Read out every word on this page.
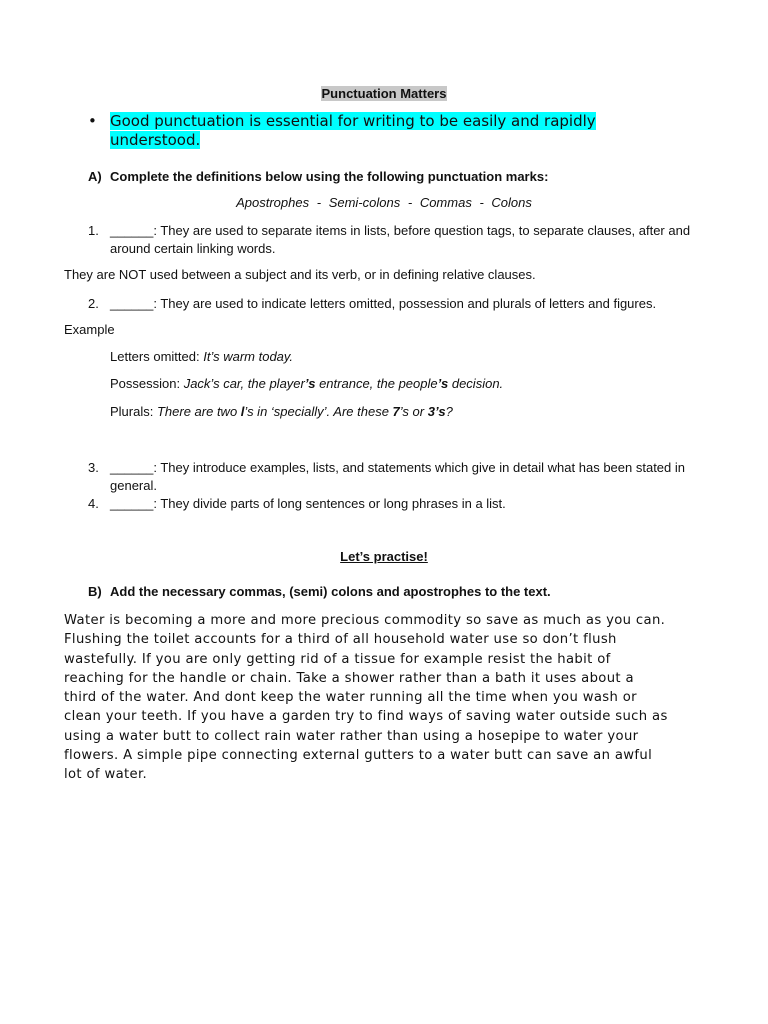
Punctuation Matters
• Good punctuation is essential for writing to be easily and rapidly understood.
A) Complete the definitions below using the following punctuation marks:
Apostrophes - Semi-colons - Commas - Colons
1. ______: They are used to separate items in lists, before question tags, to separate clauses, after and around certain linking words.
They are NOT used between a subject and its verb, or in defining relative clauses.
2. ______: They are used to indicate letters omitted, possession and plurals of letters and figures.
Example
Letters omitted: It’s warm today.
Possession: Jack’s car, the player’s entrance, the people’s decision.
Plurals: There are two l’s in ‘specially’. Are these 7’s or 3’s?
3. ______: They introduce examples, lists, and statements which give in detail what has been stated in general.
4. ______: They divide parts of long sentences or long phrases in a list.
Let’s practise!
B) Add the necessary commas, (semi) colons and apostrophes to the text.
Water is becoming a more and more precious commodity so save as much as you can.
Flushing the toilet accounts for a third of all household water use so don’t flush
wastefully. If you are only getting rid of a tissue for example resist the habit of
reaching for the handle or chain. Take a shower rather than a bath it uses about a
third of the water. And dont keep the water running all the time when you wash or
clean your teeth. If you have a garden try to find ways of saving water outside such as
using a water butt to collect rain water rather than using a hosepipe to water your
flowers. A simple pipe connecting external gutters to a water butt can save an awful
lot of water.
